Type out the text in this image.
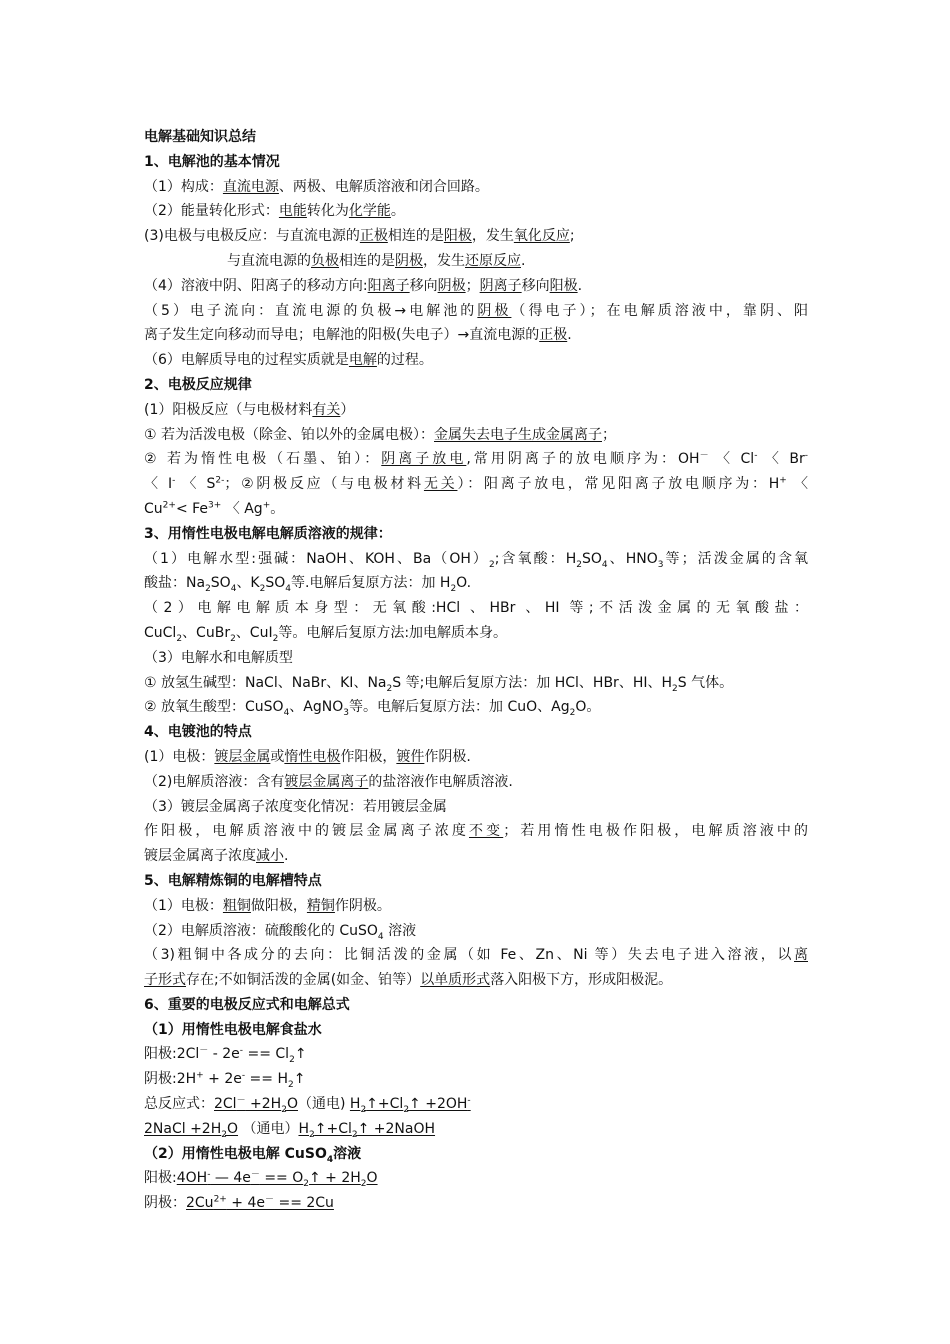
电解基础知识总结
1、电解池的基本情况
（1）构成：直流电源、两极、电解质溶液和闭合回路。
（2）能量转化形式：电能转化为化学能。
(3)电极与电极反应：与直流电源的正极相连的是阳极，发生氧化反应;
与直流电源的负极相连的是阴极，发生还原反应.
（4）溶液中阴、阳离子的移动方向:阳离子移向阴极；阴离子移向阳极.
（5）电子流向：直流电源的负极→电解池的阴极（得电子）；在电解质溶液中，靠阴、阳
离子发生定向移动而导电；电解池的阳极(失电子）→直流电源的正极.
（6）电解质导电的过程实质就是电解的过程。
2、电极反应规律
(1）阳极反应（与电极材料有关）
① 若为活泼电极（除金、铂以外的金属电极）：金属失去电子生成金属离子；
② 若为惰性电极（石墨、铂）：阴离子放电,常用阴离子的放电顺序为：OH－ 〈 Cl- 〈 Br-
〈 I- 〈 $S^{2-}$；②阴极反应（与电极材料无关）：阳离子放电，常见阳离子放电顺序为：H+ 〈
$Cu^{2+}< Fe^{3+}$ 〈 Ag+。
3、用惰性电极电解电解质溶液的规律：
（1）电解水型:强碱：NaOH、KOH、$Ba(OH)_2$;含氧酸：$H_2SO_4$、$HNO_3$等；活泼金属的含氧
酸盐：$Na_2SO_4$、$K_2SO_4$等.电解后复原方法：加 $H_2O$.
（2）电解电解质本身型：无氧酸:HCl 、HBr 、HI 等;不活泼金属的无氧酸盐：
CuCl$_2$、CuBr$_2$、CuI$_2$等。电解后复原方法:加电解质本身。
（3）电解水和电解质型
① 放氢生碱型：NaCl、NaBr、KI、$Na_2S$ 等;电解后复原方法：加 HCl、HBr、HI、$H_2S$ 气体。
② 放氧生酸型：CuSO$_4$、AgNO$_3$等。电解后复原方法：加 CuO、$Ag_2O$。
4、电镀池的特点
(1）电极：镀层金属或惰性电极作阳极，镀件作阴极.
（2)电解质溶液：含有镀层金属离子的盐溶液作电解质溶液.
（3）镀层金属离子浓度变化情况：若用镀层金属
作阳极，电解质溶液中的镀层金属离子浓度不变；若用惰性电极作阳极，电解质溶液中的
镀层金属离子浓度减小.
5、电解精炼铜的电解槽特点
（1）电极：粗铜做阳极，精铜作阴极。
（2）电解质溶液：硫酸酸化的 CuSO$_4$ 溶液
（3)粗铜中各成分的去向：比铜活泼的金属（如 Fe、Zn、Ni 等）失去电子进入溶液，以离
子形式存在;不如铜活泼的金属(如金、铂等）以单质形式落入阳极下方，形成阳极泥。
6、重要的电极反应式和电解总式
（1）用惰性电极电解食盐水
阳极:2Cl－ - $2e^- == Cl_2↑$
阴极:2H+ + $2e^- == H_2↑$
总反应式：$2Cl^- +2H_2O$（通电) $H_2↑+Cl_2↑ +2OH^-$
2NaCl $+2H_2O$ （通电）$H_2↑+Cl_2↑$ +2NaOH
（2）用惰性电极电解 CuSO$_4$溶液
阳极:4OH- — $4e^- == O_2↑ + 2H_2O$
阴极：$2Cu^{2+} + 4e^- == 2Cu$
